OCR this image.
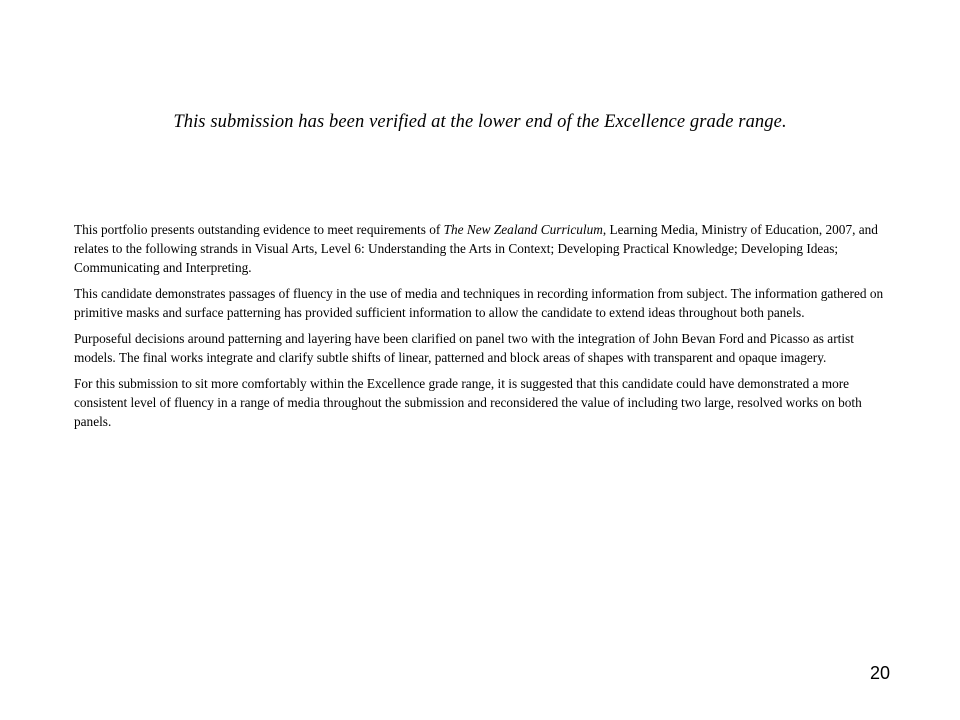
This submission has been verified at the lower end of the Excellence grade range.

This portfolio presents outstanding evidence to meet requirements of The New Zealand Curriculum, Learning Media, Ministry of Education, 2007, and relates to the following strands in Visual Arts, Level 6: Understanding the Arts in Context; Developing Practical Knowledge; Developing Ideas; Communicating and Interpreting.

This candidate demonstrates passages of fluency in the use of media and techniques in recording information from subject. The information gathered on primitive masks and surface patterning has provided sufficient information to allow the candidate to extend ideas throughout both panels.

Purposeful decisions around patterning and layering have been clarified on panel two with the integration of John Bevan Ford and Picasso as artist models. The final works integrate and clarify subtle shifts of linear, patterned and block areas of shapes with transparent and opaque imagery.

For this submission to sit more comfortably within the Excellence grade range, it is suggested that this candidate could have demonstrated a more consistent level of fluency in a range of media throughout the submission and reconsidered the value of including two large, resolved works on both panels.

20
